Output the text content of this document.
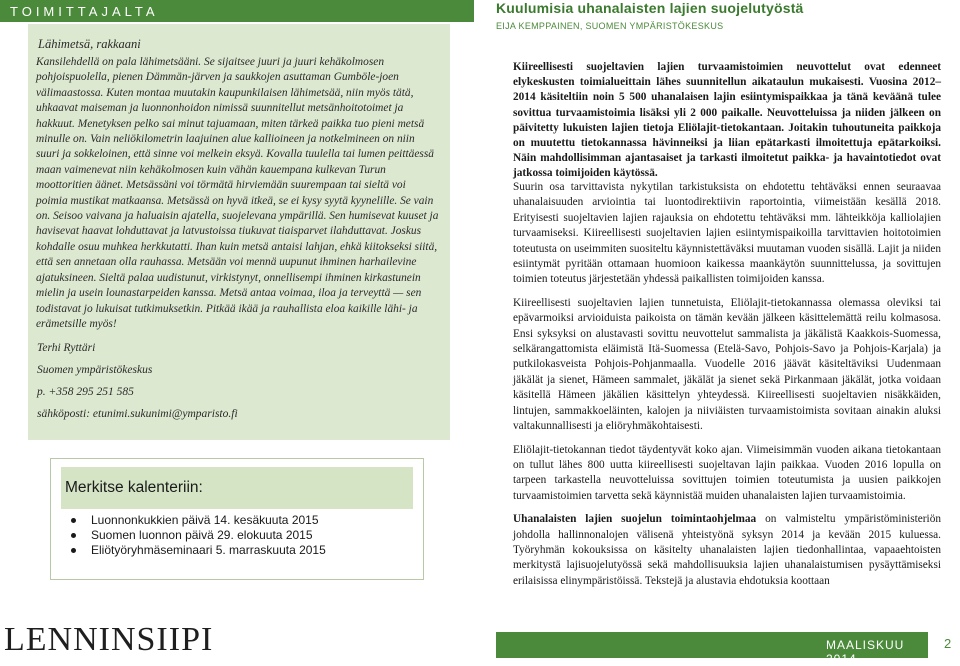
TOIMITTAJALTA
Lähimetsä, rakkaani

Kansilehdellä on pala lähimetsääni. Se sijaitsee juuri ja juuri kehäkolmosen pohjoispuolella, pienen Dämmän-järven ja saukkojen asuttaman Gumböle-joen välimaastossa. Kuten montaa muutakin kaupunkilaisen lähimetsää, niin myös tätä, uhkaavat maiseman ja luonnonhoidon nimissä suunnitellut metsänhoitotoimet ja hakkuut. Menetyksen pelko sai minut tajuamaan, miten tärkeä paikka tuo pieni metsä minulle on. Vain neliökilometrin laajuinen alue kallioineen ja notkelmineen on niin suuri ja sokkeloinen, että sinne voi melkein eksyä. Kovalla tuulella tai lumen peittäessä maan vaimenevat niin kehäkolmosen kuin vähän kauempana kulkevan Turun moottoritien äänet. Metsässäni voi törmätä hirviemään suurempaan tai sieltä voi poimia mustikat matkaansa. Metsässä on hyvä itkeä, se ei kysy syytä kyynelille. Se vain on. Seisoo vaivana ja haluaisin ajatella, suojelevana ympärillä. Sen humisevat kuuset ja havisevat haavat lohduttavat ja latvustoissa tiukuvat tiaisparvet ilahduttavat. Joskus kohdalle osuu muhkea herkkutatti. Ihan kuin metsä antaisi lahjan, ehkä kiitokseksi siitä, että sen annetaan olla rauhassa. Metsään voi mennä uupunut ihminen harhailevine ajatuksineen. Sieltä palaa uudistunut, virkistynyt, onnellisempi ihminen kirkastunein mielin ja usein lounastarpeiden kanssa. Metsä antaa voimaa, iloa ja terveyttä — sen todistavat jo lukuisat tutkimuksetkin. Pitkää ikää ja rauhallista eloa kaikille lähi- ja erämetsille myös!

Terhi Ryttäri
Suomen ympäristökeskus
p. +358 295 251 585
sähköposti: etunimi.sukunimi@ymparisto.fi
Merkitse kalenteriin:
Luonnonkukkien päivä 14. kesäkuuta 2015
Suomen luonnon päivä 29. elokuuta 2015
Eliötyöryhmäseminaari 5. marraskuuta 2015
LENNINSIIPI
Kuulumisia uhanalaisten lajien suojelutyöstä
EIJA KEMPPAINEN, SUOMEN YMPÄRISTÖKESKUS

Kiireellisesti suojeltavien lajien turvaamistoimien neuvottelut ovat edenneet elykeskusten toimialueittain lähes suunnitellun aikataulun mukaisesti. Vuosina 2012–2014 käsiteltiin noin 5 500 uhanalaisen lajin esiintymispaikkaa ja tänä keväänä tulee sovittua turvaamistoimia lisäksi yli 2 000 paikalle. Neuvotteluissa ja niiden jälkeen on päivitetty lukuisten lajien tietoja Eliölajit-tietokantaan. Joitakin tuhoutuneita paikkoja on muutettu tietokannassa hävinneiksi ja liian epätarkasti ilmoitettuja epätarkoiksi. Näin mahdollisimman ajantasaiset ja tarkasti ilmoitetut paikka- ja havaintotiedot ovat jatkossa toimijoiden käytössä.

Suurin osa tarvittavista nykytilan tarkistuksista on ehdotettu tehtäväksi ennen seuraavaa uhanalaisuuden arviointia tai luontodirektiivin raportointia, viimeistään kesällä 2018. Erityisesti suojeltavien lajien rajauksia on ehdotettu tehtäväksi mm. lähteikköja kalliolajien turvaamiseksi. Kiireellisesti suojeltavien lajien esiintymispaikoilla tarvittavien hoitotoimien toteutusta on useimmiten suositeltu käynnistettäväksi muutaman vuoden sisällä. Lajit ja niiden esiintymät pyritään ottamaan huomioon kaikessa maankäytön suunnittelussa, ja sovittujen toimien toteutus järjestetään yhdessä paikallisten toimijoiden kanssa.

Kiireellisesti suojeltavien lajien tunnetuista, Eliölajit-tietokannassa olemassa oleviksi tai epävarmoiksi arvioiduista paikoista on tämän kevään jälkeen käsittelemättä reilu kolmasosa. Ensi syksyksi on alustavasti sovittu neuvottelut sammalista ja jäkälistä Kaakkois-Suomessa, selkärangattomista eläimistä Itä-Suomessa (Etelä-Savo, Pohjois-Savo ja Pohjois-Karjala) ja putkilokasveista Pohjois-Pohjanmaalla. Vuodelle 2016 jäävät käsiteltäviksi Uudenmaan jäkälät ja sienet, Hämeen sammalet, jäkälät ja sienet sekä Pirkanmaan jäkälät, jotka voidaan käsitellä Hämeen jäkälien käsittelyn yhteydessä. Kiireellisesti suojeltavien nisäkkäiden, lintujen, sammakkoeläinten, kalojen ja niiviäisten turvaamistoimista sovitaan ainakin aluksi valtakunnallisesti ja eliöryhmäkohtaisesti.

Eliölajit-tietokannan tiedot täydentyvät koko ajan. Viimeisimmän vuoden aikana tietokantaan on tullut lähes 800 uutta kiireellisesti suojeltavan lajin paikkaa. Vuoden 2016 lopulla on tarpeen tarkastella neuvotteluissa sovittujen toimien toteutumista ja uusien paikkojen turvaamistoimien tarvetta sekä käynnistää muiden uhanalaisten lajien turvaamistoimia.

Uhanalaisten lajien suojelun toimintaohjelmaa on valmisteltu ympäristöministeriön johdolla hallinnonalojen välisenä yhteistyönä syksyn 2014 ja kevään 2015 kuluessa. Työryhmän kokouksissa on käsitelty uhanalaisten lajien tiedonhallintaa, vapaaehtoisten merkitystä lajisuojelutyössä sekä mahdollisuuksia lajien uhanalaistumisen pysäyttämiseksi erilaisissa elinympäristöissä. Tekstejä ja alustavia ehdotuksia koottaan

MAALISKUU 2014
2
